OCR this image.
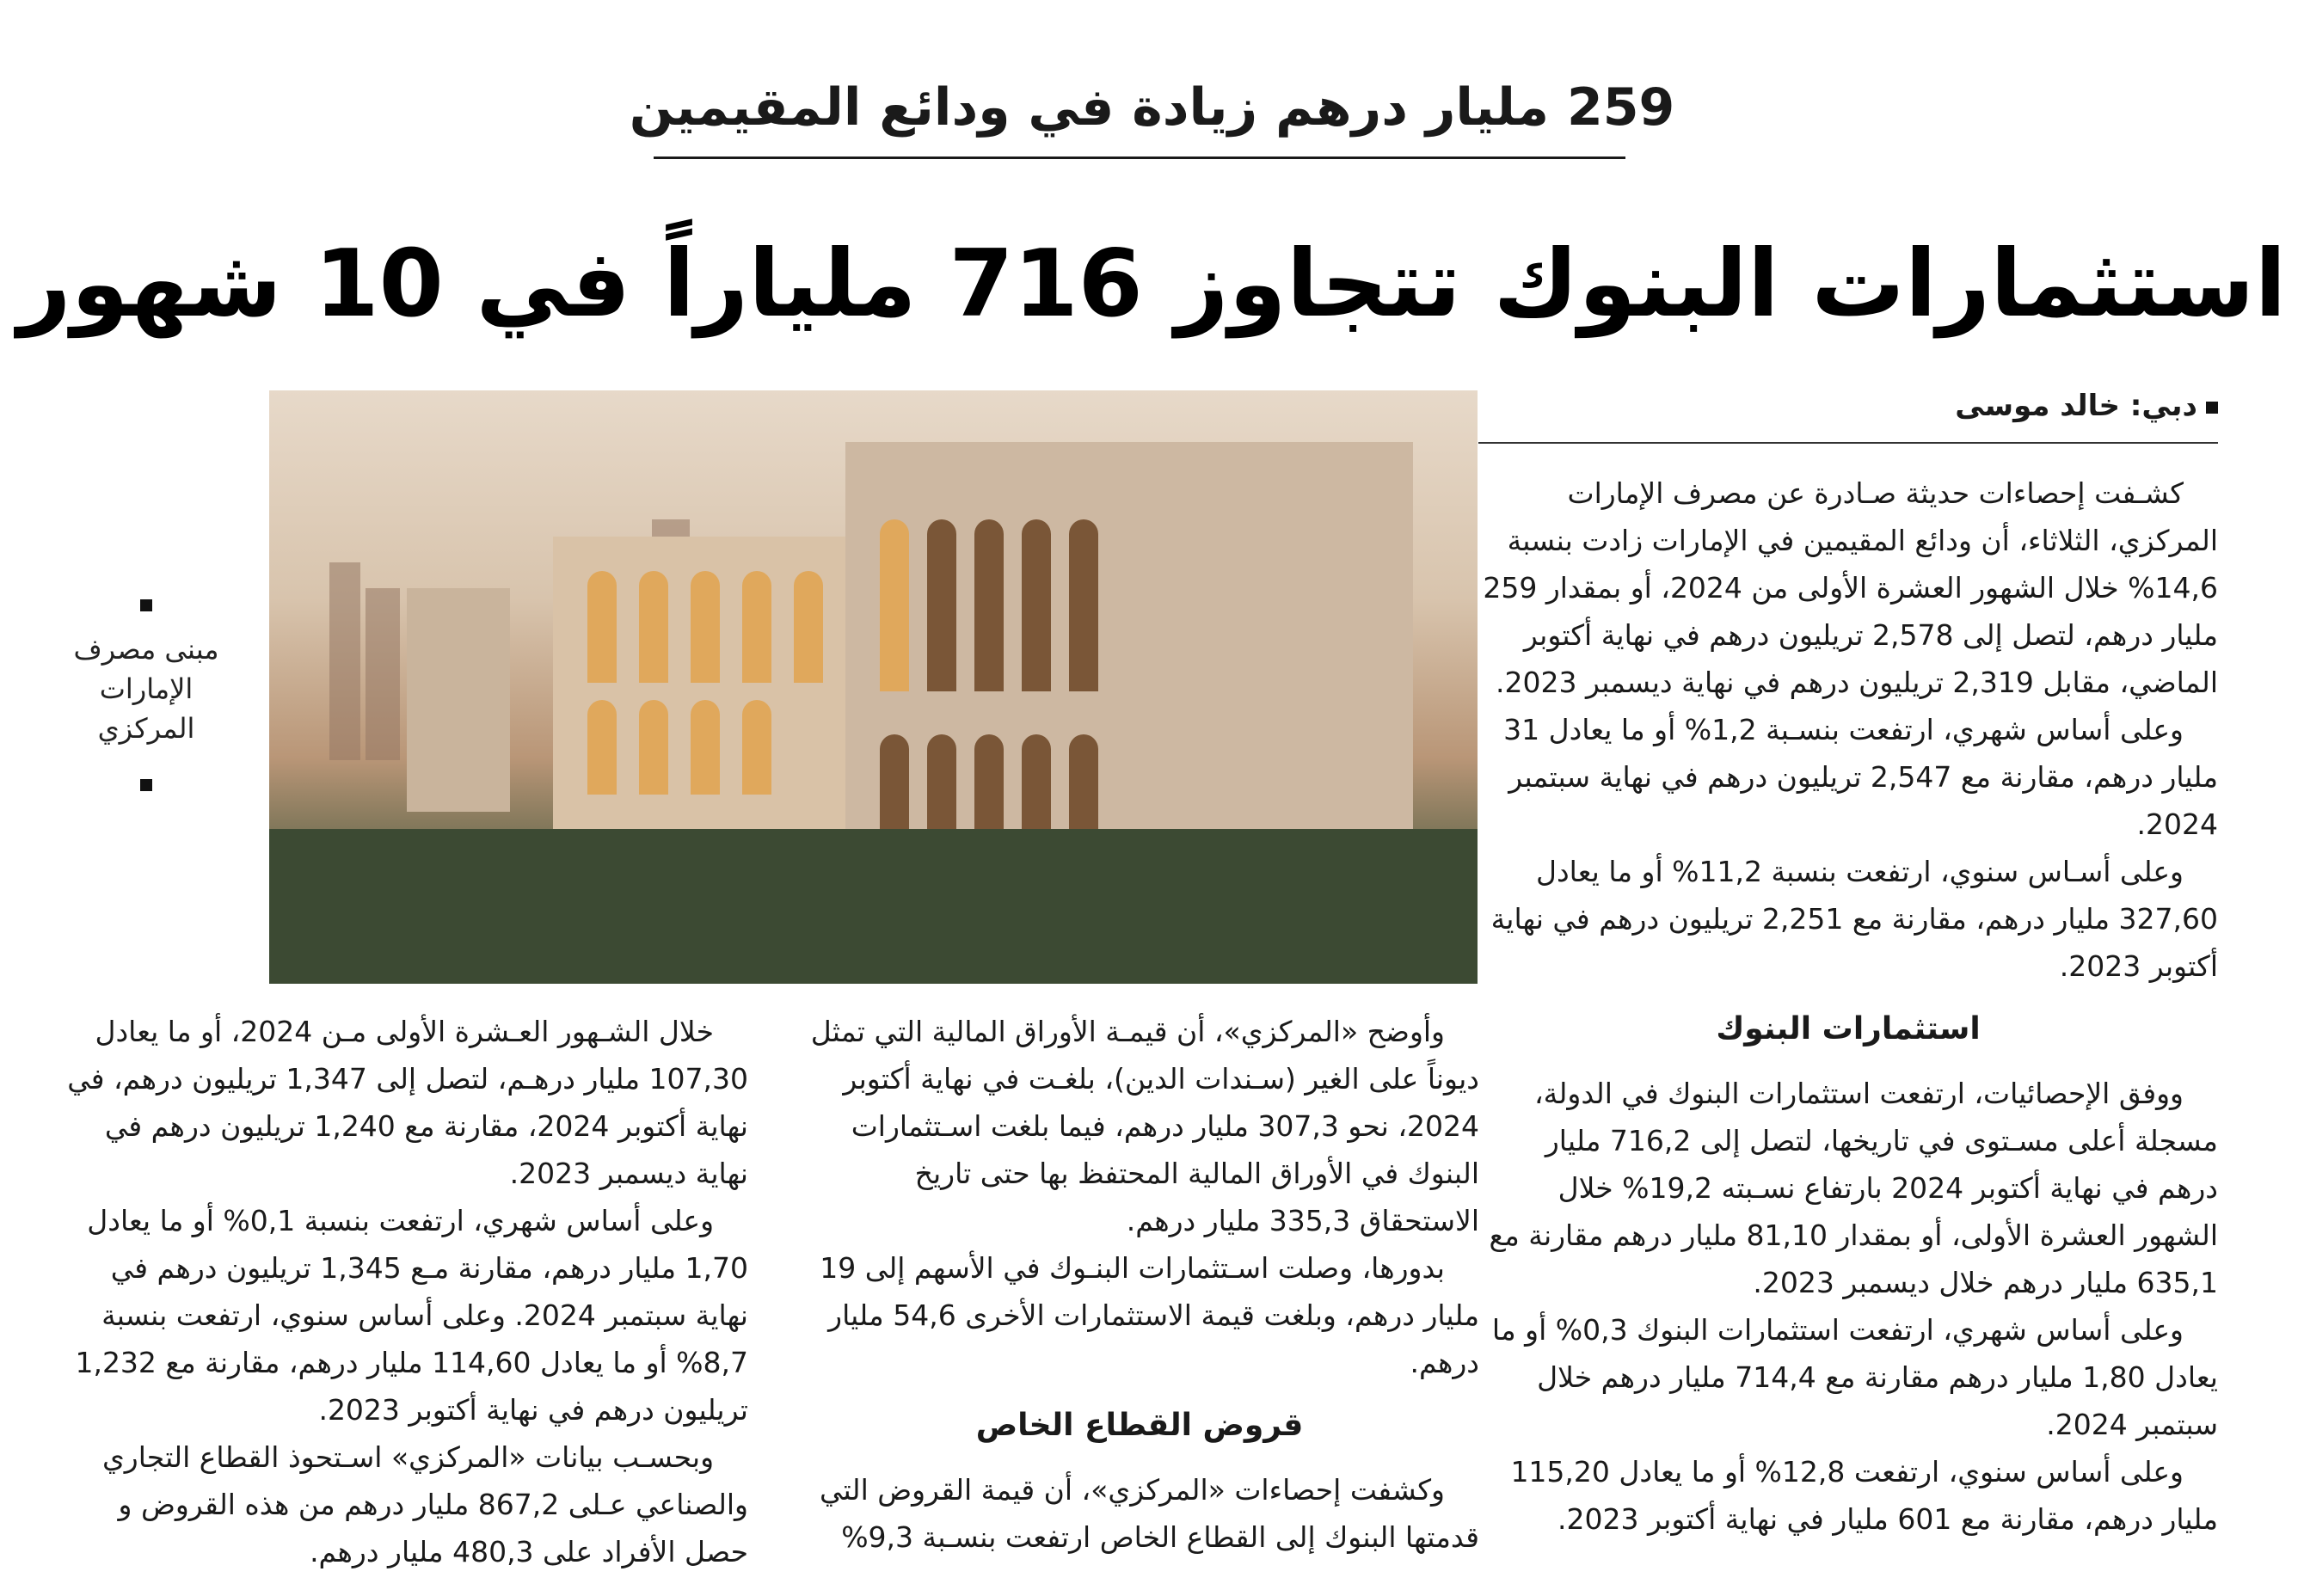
259 مليار درهم زيادة في ودائع المقيمين
استثمارات البنوك تتجاوز 716 ملياراً في 10 شهور
دبي: خالد موسى
مبنى مصرف
الإمارات
المركزي

كشـفت إحصاءات حديثة صـادرة عن مصرف الإمارات المركزي، الثلاثاء، أن ودائع المقيمين في الإمارات زادت بنسبة 14,6% خلال الشهور العشرة الأولى من 2024، أو بمقدار 259 مليار درهم، لتصل إلى 2,578 تريليون درهم في نهاية أكتوبر الماضي، مقابل 2,319 تريليون درهم في نهاية ديسمبر 2023.

وعلى أساس شهري، ارتفعت بنسـبة 1,2% أو ما يعادل 31 مليار درهم، مقارنة مع 2,547 تريليون درهم في نهاية سبتمبر 2024.

وعلى أسـاس سنوي، ارتفعت بنسبة 11,2% أو ما يعادل 327,60 مليار درهم، مقارنة مع 2,251 تريليون درهم في نهاية أكتوبر 2023.

استثمارات البنوك

ووفق الإحصائيات، ارتفعت استثمارات البنوك في الدولة، مسجلة أعلى مسـتوى في تاريخها، لتصل إلى 716,2 مليار درهم في نهاية أكتوبر 2024 بارتفاع نسـبته 19,2% خلال الشهور العشرة الأولى، أو بمقدار 81,10 مليار درهم مقارنة مع 635,1 مليار درهم خلال ديسمبر 2023.

وعلى أساس شهري، ارتفعت استثمارات البنوك 0,3% أو ما يعادل 1,80 مليار درهم مقارنة مع 714,4 مليار درهم خلال سبتمبر 2024.

وعلى أساس سنوي، ارتفعت 12,8% أو ما يعادل 115,20 مليار درهم، مقارنة مع 601 مليار في نهاية أكتوبر 2023.

وأوضح «المركزي»، أن قيمـة الأوراق المالية التي تمثل ديوناً على الغير (سـندات الدين)، بلغـت في نهاية أكتوبر 2024، نحو 307,3 مليار درهم، فيما بلغت اسـتثمارات البنوك في الأوراق المالية المحتفظ بها حتى تاريخ الاستحقاق 335,3 مليار درهم.

بدورها، وصلت اسـتثمارات البنـوك في الأسهم إلى 19 مليار درهم، وبلغت قيمة الاستثمارات الأخرى 54,6 مليار درهم.

قروض القطاع الخاص

وكشفت إحصاءات «المركزي»، أن قيمة القروض التي قدمتها البنوك إلى القطاع الخاص ارتفعت بنسـبة 9,3%

خلال الشـهور العـشرة الأولى مـن 2024، أو ما يعادل 107,30 مليار درهـم، لتصل إلى 1,347 تريليون درهم، في نهاية أكتوبر 2024، مقارنة مع 1,240 تريليون درهم في نهاية ديسمبر 2023.

وعلى أساس شهري، ارتفعت بنسبة 0,1% أو ما يعادل 1,70 مليار درهم، مقارنة مـع 1,345 تريليون درهم في نهاية سبتمبر 2024. وعلى أساس سنوي، ارتفعت بنسبة 8,7% أو ما يعادل 114,60 مليار درهم، مقارنة مع 1,232 تريليون درهم في نهاية أكتوبر 2023.

وبحسـب بيانات «المركزي» اسـتحوذ القطاع التجاري والصناعي عـلى 867,2 مليار درهم من هذه القروض و حصل الأفراد على 480,3 مليار درهم.
